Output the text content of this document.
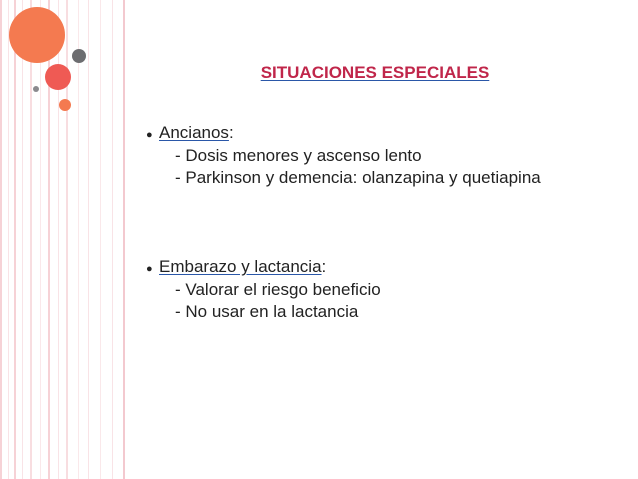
SITUACIONES ESPECIALES
● Ancianos :
- Dosis menores y ascenso lento
- Parkinson y demencia: olanzapina y quetiapina
● Embarazo y lactancia :
- Valorar el riesgo beneficio
- No usar en la lactancia
